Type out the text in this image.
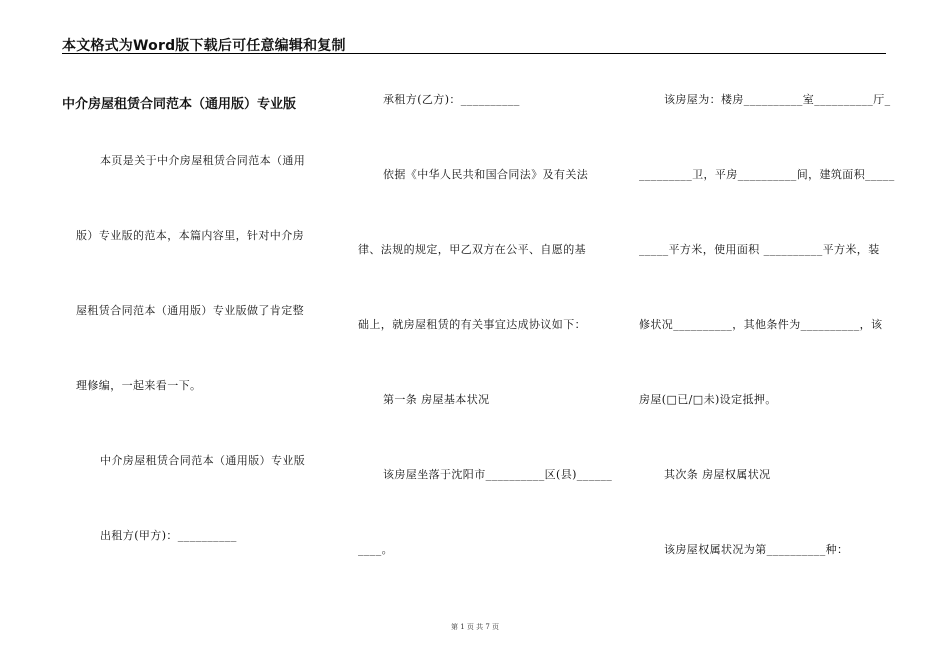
本文格式为Word版下载后可任意编辑和复制
中介房屋租赁合同范本（通用版）专业版
本页是关于中介房屋租赁合同范本（通用
版）专业版的范本，本篇内容里，针对中介房
屋租赁合同范本（通用版）专业版做了肯定整
理修编，一起来看一下。
中介房屋租赁合同范本（通用版）专业版
出租方(甲方)：__________
承租方(乙方)：__________
依据《中华人民共和国合同法》及有关法
律、法规的规定，甲乙双方在公平、自愿的基
础上，就房屋租赁的有关事宜达成协议如下：
第一条 房屋基本状况
该房屋坐落于沈阳市__________区(县)______
____。
该房屋为：楼房__________室__________厅_
_________卫，平房__________间，建筑面积_____
_____平方米，使用面积 __________平方米，装
修状况__________，其他条件为__________，该
房屋(□已/□未)设定抵押。
其次条 房屋权属状况
该房屋权属状况为第__________种：
第 1 页 共 7 页
